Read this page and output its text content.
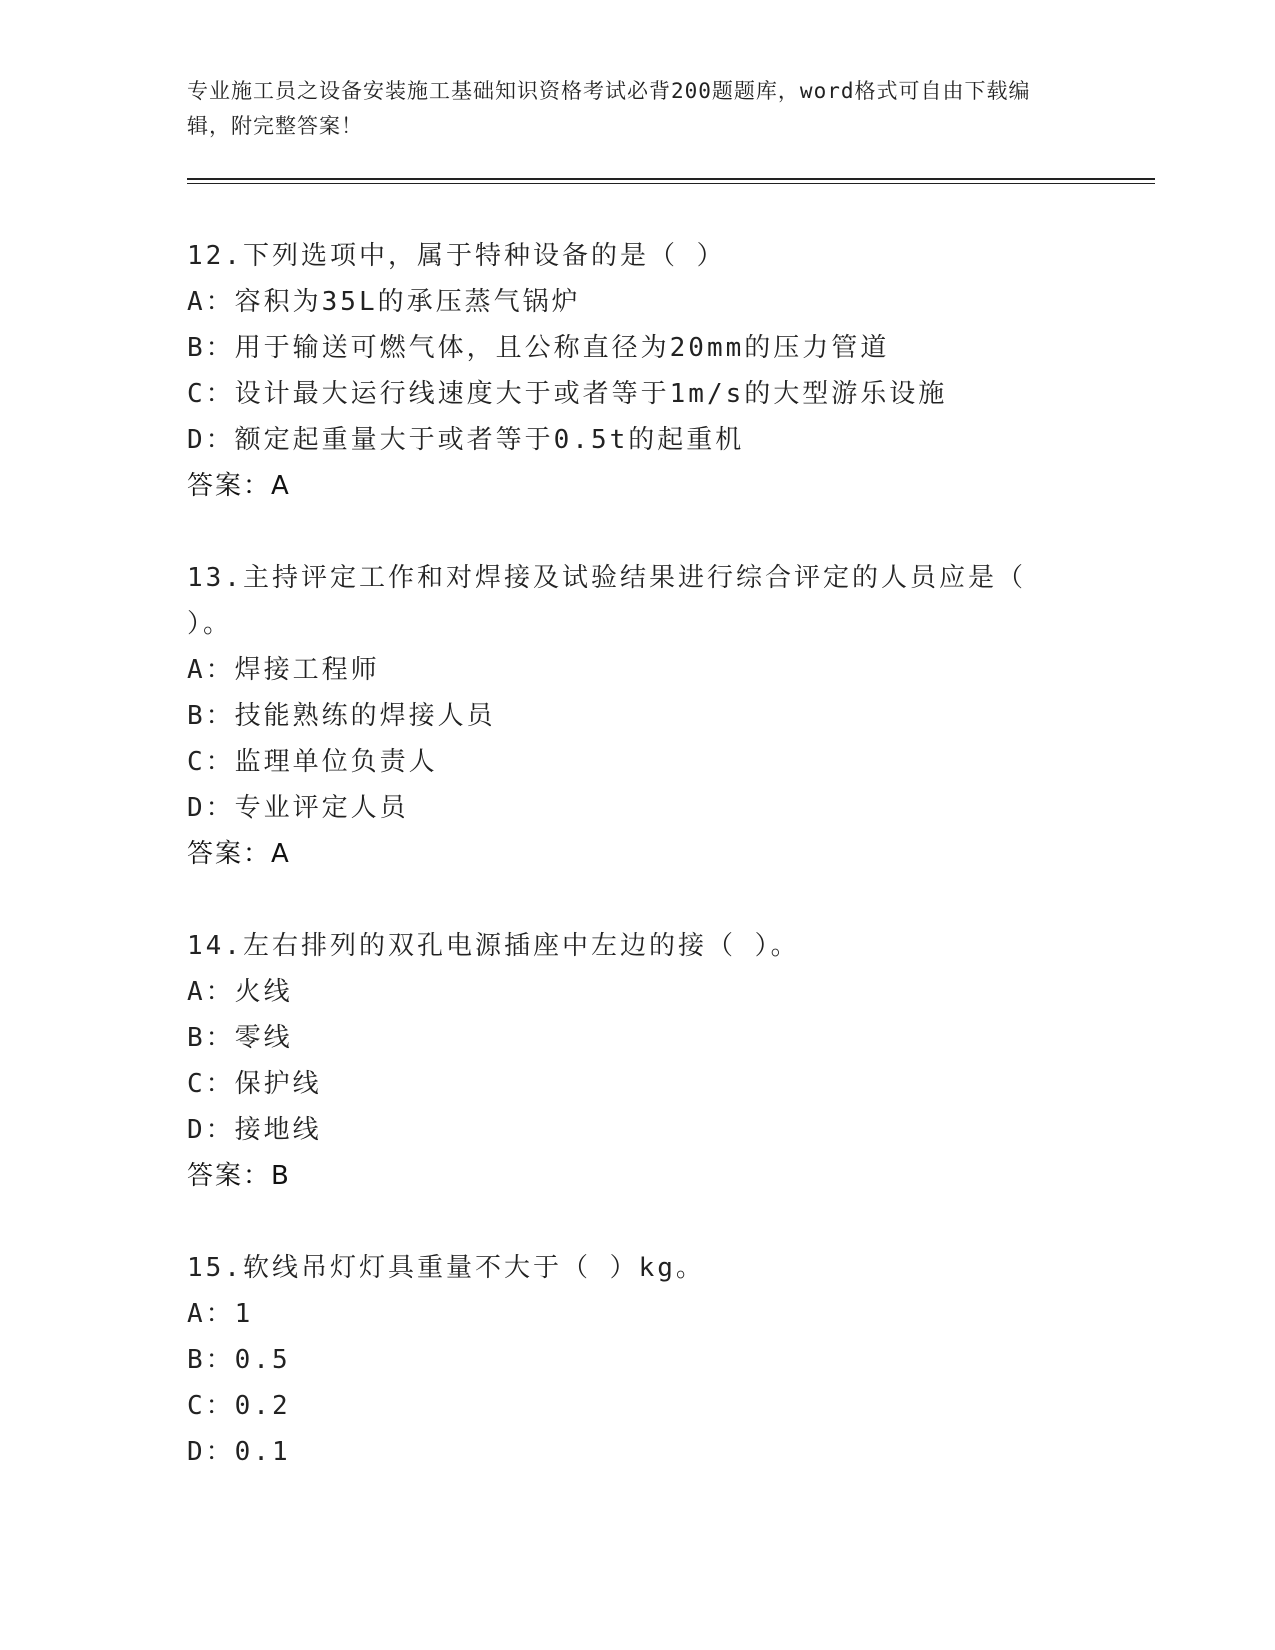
专业施工员之设备安装施工基础知识资格考试必背200题题库，word格式可自由下载编辑，附完整答案！
12.下列选项中，属于特种设备的是（ ）
A：容积为35L的承压蒸气锅炉
B：用于输送可燃气体，且公称直径为20mm的压力管道
C：设计最大运行线速度大于或者等于1m/s的大型游乐设施
D：额定起重量大于或者等于0.5t的起重机
答案：A
13.主持评定工作和对焊接及试验结果进行综合评定的人员应是（ ）。
A：焊接工程师
B：技能熟练的焊接人员
C：监理单位负责人
D：专业评定人员
答案：A
14.左右排列的双孔电源插座中左边的接（ ）。
A：火线
B：零线
C：保护线
D：接地线
答案：B
15.软线吊灯灯具重量不大于（ ）kg。
A：1
B：0.5
C：0.2
D：0.1
